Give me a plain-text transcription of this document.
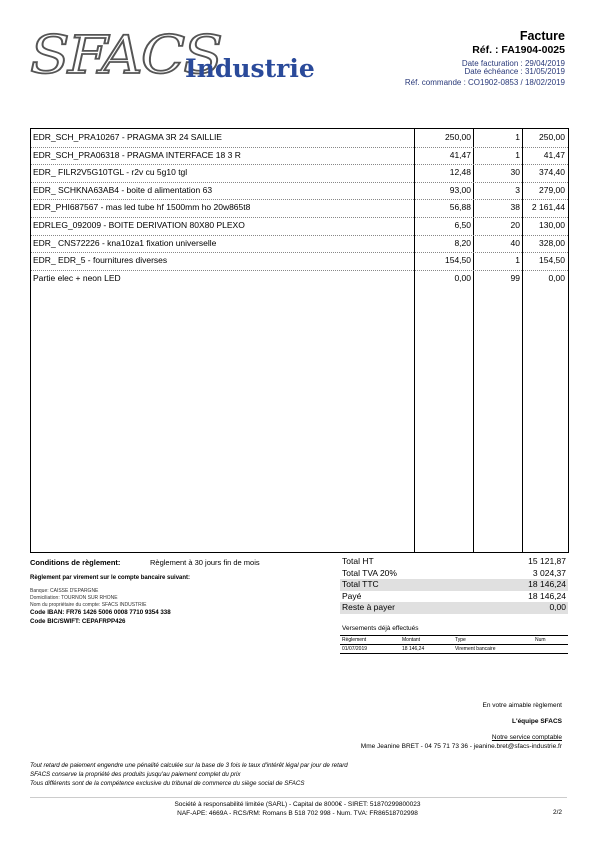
SFACS
Industrie
Facture
Réf. : FA1904-0025
Date facturation : 29/04/2019
Date échéance : 31/05/2019
Réf. commande : CO1902-0853 / 18/02/2019
EDR_SCH_PRA10267 - PRAGMA 3R 24 SAILLIE	250,00	1	250,00
EDR_SCH_PRA06318 - PRAGMA INTERFACE 18 3 R	41,47	1	41,47
EDR_ FILR2V5G10TGL - r2v cu 5g10 tgl	12,48	30	374,40
EDR_ SCHKNA63AB4 - boite d alimentation 63	93,00	3	279,00
EDR_PHI687567 - mas led tube hf 1500mm ho 20w865t8	56,88	38	2 161,44
EDRLEG_092009 - BOITE DERIVATION 80X80 PLEXO	6,50	20	130,00
EDR_ CNS72226 - kna10za1 fixation universelle	8,20	40	328,00
EDR_ EDR_5 - fournitures diverses	154,50	1	154,50
Partie elec + neon LED	0,00	99	0,00
Conditions de règlement:	Règlement à 30 jours fin de mois
Règlement par virement sur le compte bancaire suivant:
Banque: CAISSE D'EPARGNE
Domiciliation: TOURNON SUR RHONE
Nom du propriétaire du compte: SFACS INDUSTRIE
Code IBAN: FR76 1426 5006 0008 7710 9354 338
Code BIC/SWIFT: CEPAFRPP426
Total HT	15 121,87
Total TVA 20%	3 024,37
Total TTC	18 146,24
Payé	18 146,24
Reste à payer	0,00
Versements déjà effectués
Règlement	Montant	Type	Num
01/07/2019	18 146,24	Virement bancaire
En votre aimable règlement
L'équipe SFACS
Notre service comptable
Mme Jeanine BRET - 04 75 71 73 36 - jeanine.bret@sfacs-industrie.fr
Tout retard de paiement engendre une pénalité calculée sur la base de 3 fois le taux d'intérêt légal par jour de retard
SFACS conserve la propriété des produits jusqu'au paiement complet du prix
Tous différents sont de la compétence exclusive du tribunal de commerce du siège social de SFACS
Société à responsabilité limitée (SARL) - Capital de 8000€ - SIRET: 51870299800023
NAF-APE: 4669A - RCS/RM: Romans B 518 702 998 - Num. TVA: FR86518702998	2/2
